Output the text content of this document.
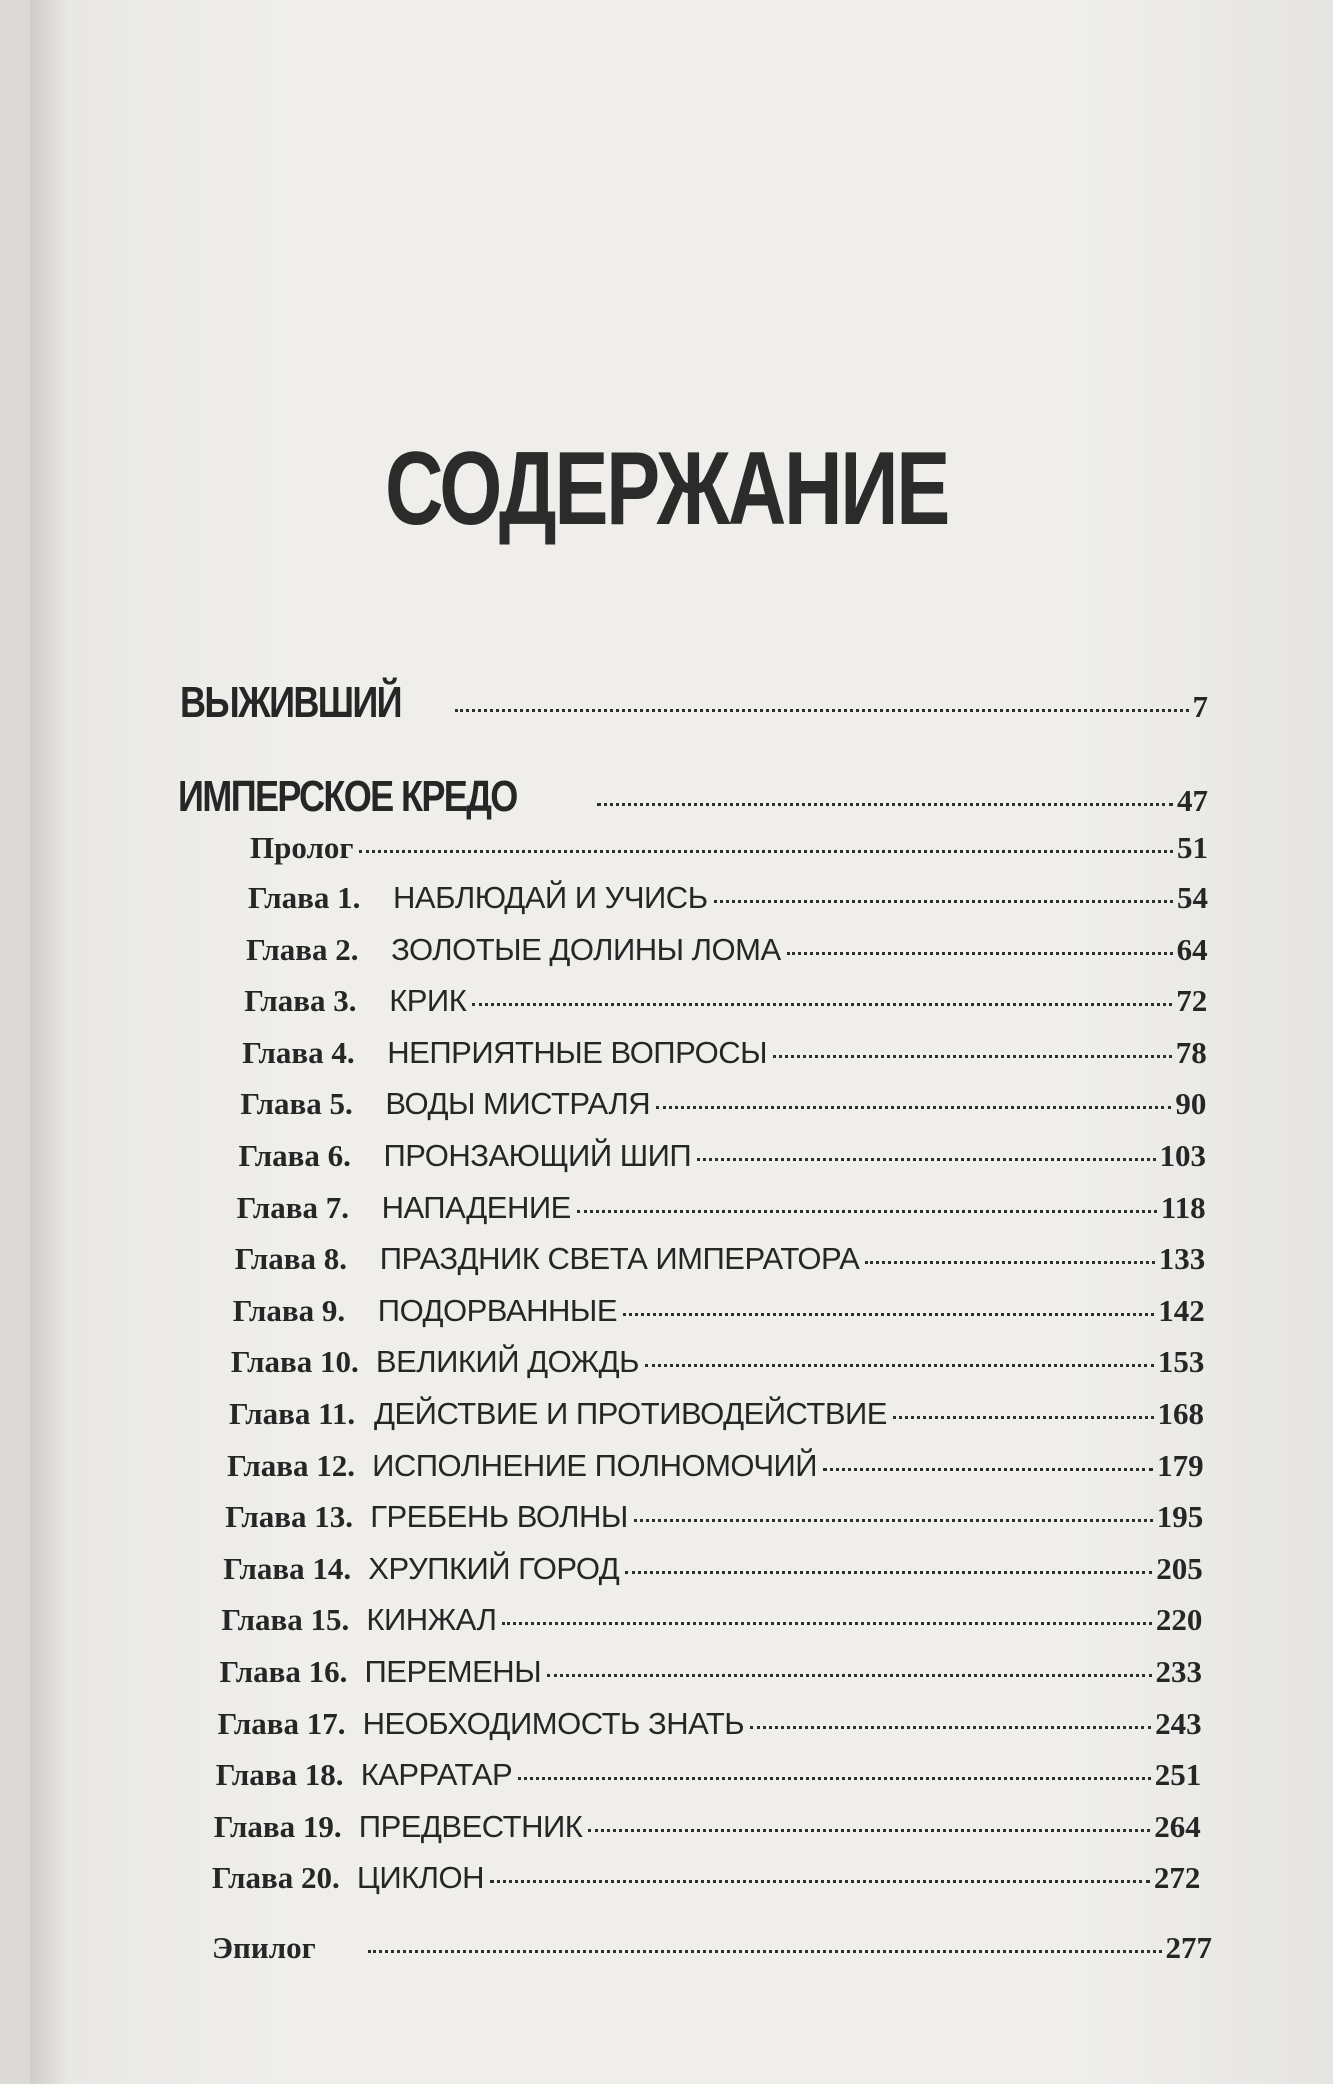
СОДЕРЖАНИЕ
ВЫЖИВШИЙ	7
ИМПЕРСКОЕ КРЕДО	47
Пролог	51
Глава 1.	НАБЛЮДАЙ И УЧИСЬ	54
Глава 2.	ЗОЛОТЫЕ ДОЛИНЫ ЛОМА	64
Глава 3.	КРИК	72
Глава 4.	НЕПРИЯТНЫЕ ВОПРОСЫ	78
Глава 5.	ВОДЫ МИСТРАЛЯ	90
Глава 6.	ПРОНЗАЮЩИЙ ШИП	103
Глава 7.	НАПАДЕНИЕ	118
Глава 8.	ПРАЗДНИК СВЕТА ИМПЕРАТОРА	133
Глава 9.	ПОДОРВАННЫЕ	142
Глава 10. ВЕЛИКИЙ ДОЖДЬ	153
Глава 11. ДЕЙСТВИЕ И ПРОТИВОДЕЙСТВИЕ	168
Глава 12. ИСПОЛНЕНИЕ ПОЛНОМОЧИЙ	179
Глава 13. ГРЕБЕНЬ ВОЛНЫ	195
Глава 14. ХРУПКИЙ ГОРОД	205
Глава 15. КИНЖАЛ	220
Глава 16. ПЕРЕМЕНЫ	233
Глава 17. НЕОБХОДИМОСТЬ ЗНАТЬ	243
Глава 18. КАРРАТАР	251
Глава 19. ПРЕДВЕСТНИК	264
Глава 20. ЦИКЛОН	272
Эпилог	277
